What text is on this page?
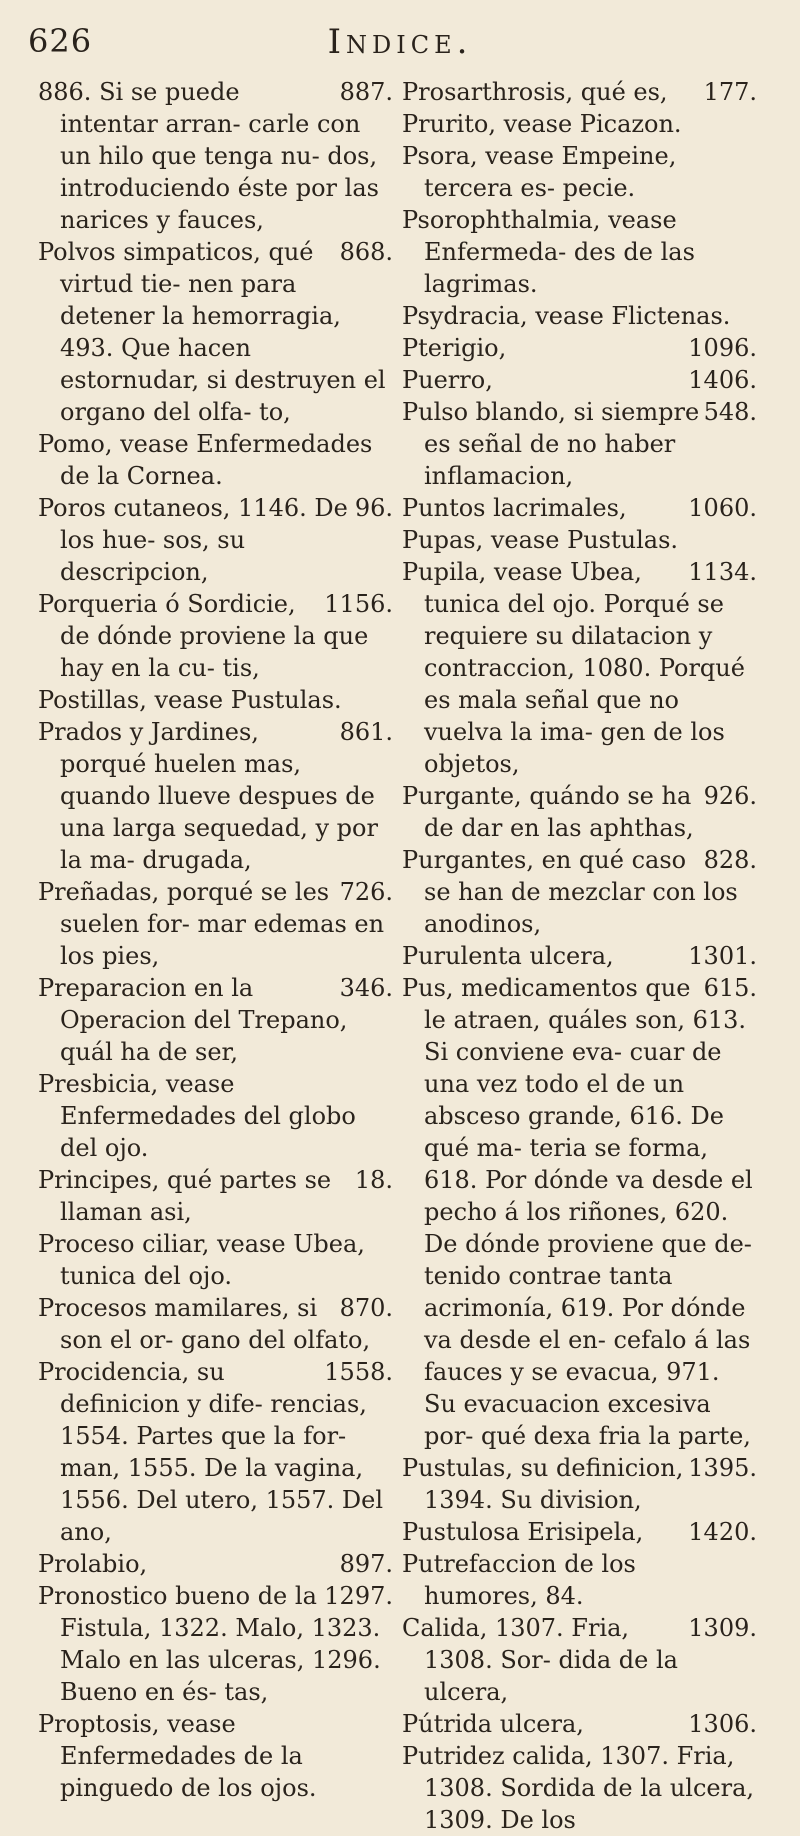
626	Indice.

887.
886. Si se puede intentar arran- carle con un hilo que tenga nu- dos, introduciendo éste por las narices y fauces,

868.
Polvos simpaticos, qué virtud tie- nen para detener la hemorragia, 493. Que hacen estornudar, si destruyen el organo del olfa- to,

Pomo, vease Enfermedades de la Cornea.

96.
Poros cutaneos, 1146. De los hue- sos, su descripcion,

1156.
Porqueria ó Sordicie, de dónde proviene la que hay en la cu- tis,

Postillas, vease Pustulas.

861.
Prados y Jardines, porqué huelen mas, quando llueve despues de una larga sequedad, y por la ma- drugada,

726.
Preñadas, porqué se les suelen for- mar edemas en los pies,

346.
Preparacion en la Operacion del Trepano, quál ha de ser,

Presbicia, vease Enfermedades del globo del ojo.

18.
Principes, qué partes se llaman asi,

Proceso ciliar, vease Ubea, tunica del ojo.

870.
Procesos mamilares, si son el or- gano del olfato,

1558.
Procidencia, su definicion y dife- rencias, 1554. Partes que la for- man, 1555. De la vagina, 1556. Del utero, 1557. Del ano,

897.
Prolabio,

1297.
Pronostico bueno de la Fistula, 1322. Malo, 1323. Malo en las ulceras, 1296. Bueno en és- tas,

Proptosis, vease Enfermedades de la pinguedo de los ojos.

177.
Prosarthrosis, qué es,

Prurito, vease Picazon.

Psora, vease Empeine, tercera es- pecie.

Psorophthalmia, vease Enfermeda- des de las lagrimas.

Psydracia, vease Flictenas.

1096.
Pterigio,

1406.
Puerro,

548.
Pulso blando, si siempre es señal de no haber inflamacion,

1060.
Puntos lacrimales,

Pupas, vease Pustulas.

1134.
Pupila, vease Ubea, tunica del ojo. Porqué se requiere su dilatacion y contraccion, 1080. Porqué es mala señal que no vuelva la ima- gen de los objetos,

926.
Purgante, quándo se ha de dar en las aphthas,

828.
Purgantes, en qué caso se han de mezclar con los anodinos,

1301.
Purulenta ulcera,

615.
Pus, medicamentos que le atraen, quáles son, 613. Si conviene eva- cuar de una vez todo el de un absceso grande, 616. De qué ma- teria se forma, 618. Por dónde va desde el pecho á los riñones, 620. De dónde proviene que de- tenido contrae tanta acrimonía, 619. Por dónde va desde el en- cefalo á las fauces y se evacua, 971. Su evacuacion excesiva por- qué dexa fria la parte,

1395.
Pustulas, su definicion, 1394. Su division,

1420.
Pustulosa Erisipela,

Putrefaccion de los humores, 84.

1309.
Calida, 1307. Fria, 1308. Sor- dida de la ulcera,

1306.
Pútrida ulcera,

Putridez calida, 1307. Fria, 1308. Sordida de la ulcera, 1309. De los
